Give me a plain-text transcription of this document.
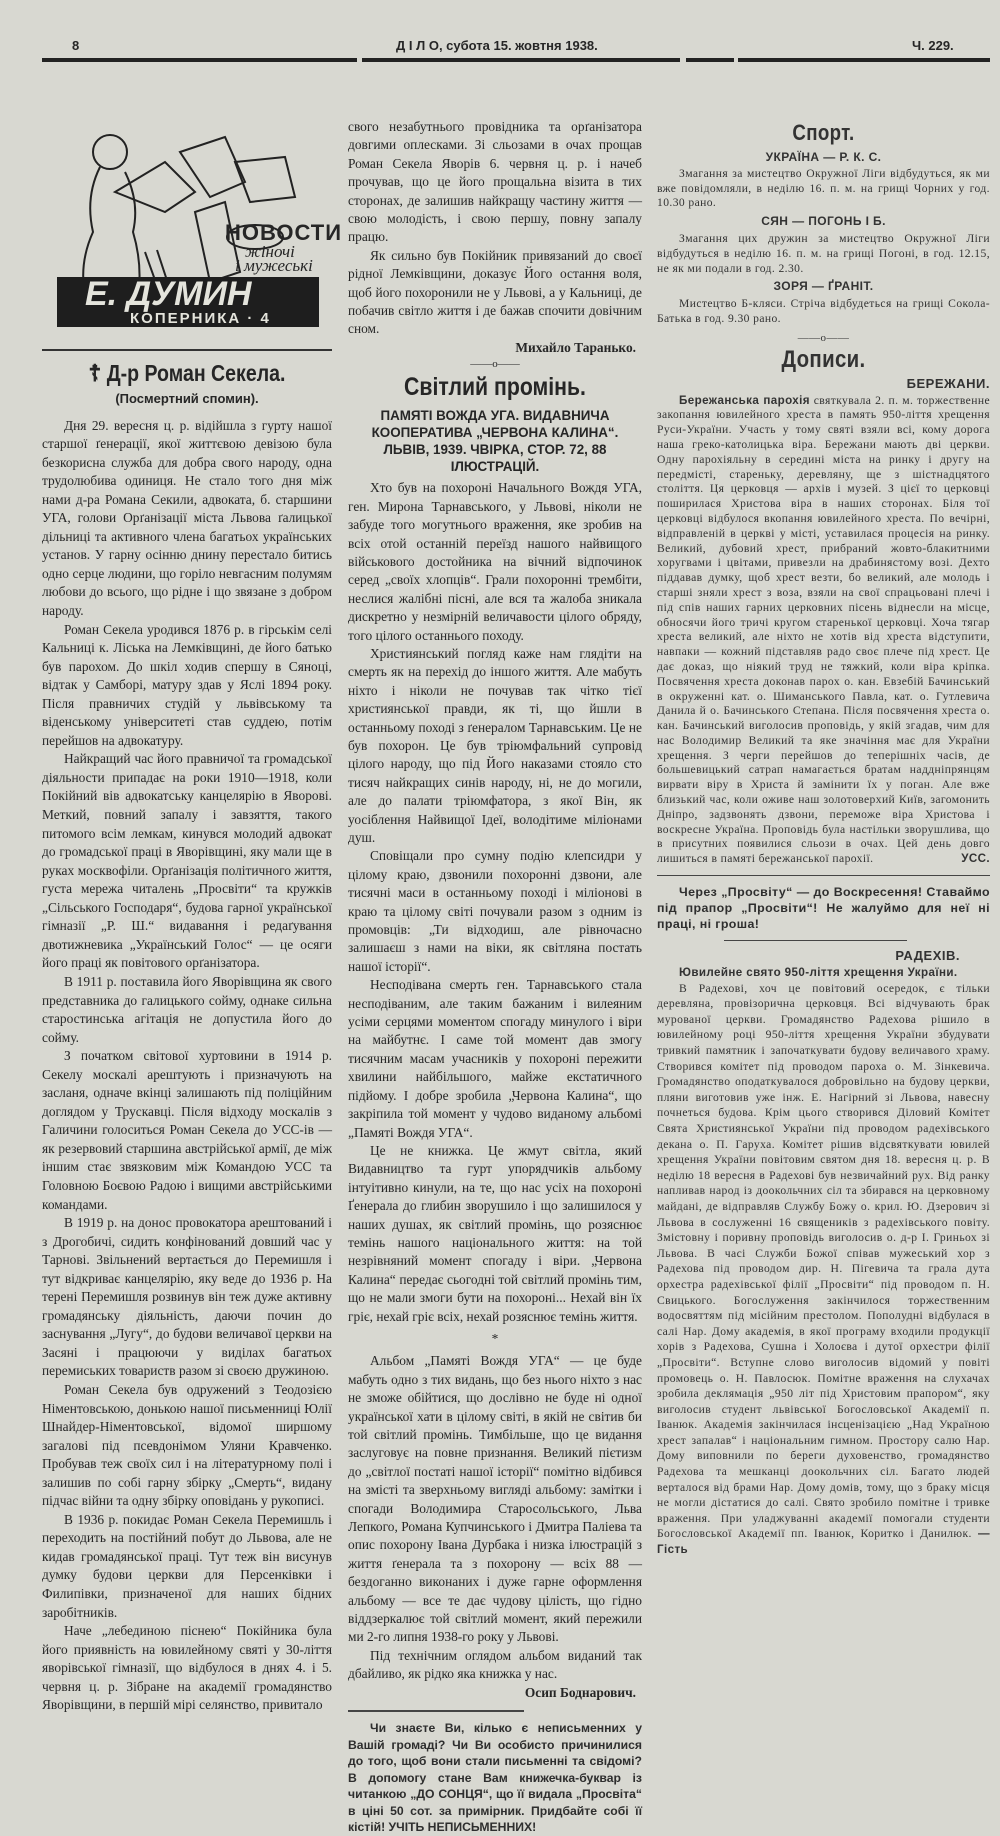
8	Д І Л О, субота 15. жовтня 1938.	Ч. 229.
НОВОСТИ
жіночі
і мужеські
Е. ДУМИН
КОПЕРНИКА · 4
☦ Д-р Роман Секела.

(Посмертний спомин).

Дня 29. вересня ц. р. відійшла з гурту нашої старшої ґенерації, якої життєвою девізою була безкорисна служба для добра свого народу, одна трудолюбива одиниця. Не стало того дня між нами д-ра Романа Секили, адвоката, б. старшини УГА, голови Орґанізації міста Львова ґалицької дільниці та активного члена багатьох українських установ. У гарну осінню днину перестало битись одно серце людини, що горіло невгасним полумям любови до всього, що рідне і що звязане з добром народу.

Роман Секела уродився 1876 р. в гірськім селі Кальниці к. Ліська на Лемківщині, де його батько був парохом. До шкіл ходив спершу в Сяноці, відтак у Самборі, матуру здав у Яслі 1894 року. Після правничих студій у львівському та віденському університеті став суддею, потім перейшов на адвокатуру.

Найкращий час його правничої та громадської діяльности припадає на роки 1910—1918, коли Покійний вів адвокатську канцелярію в Яворові. Меткий, повний запалу і завзяття, такого питомого всім лемкам, кинувся молодий адвокат до громадської праці в Яворівщині, яку мали ще в руках москвофіли. Орґанізація політичного життя, густа мережа читалень „Просвіти“ та кружків „Сільського Господаря“, будова гарної української гімназії „Р. Ш.“ видавання і редаґування двотижневика „Український Голос“ — це осяги його праці як повітового орґанізатора.

В 1911 р. поставила його Яворівщина як свого представника до галицького сойму, однаке сильна старостинська агітація не допустила його до сойму.

З початком світової хуртовини в 1914 р. Секелу москалі арештують і призначують на засланя, одначе вкінці залишають під поліційним доглядом у Трускавці. Після відходу москалів з Галичини голоситься Роман Секела до УСС-ів — як резервовий старшина австрійської армії, де між іншим стає звязковим між Командою УСС та Головною Боєвою Радою і вищими австрійськими командами.

В 1919 р. на донос провокатора арештований і з Дрогобичі, сидить конфінований довший час у Тарнові. Звільнений вертається до Перемишля і тут відкриває канцелярію, яку веде до 1936 р. На терені Перемишля розвинув він теж дуже активну громадянську діяльність, даючи почин до заснування „Лугу“, до будови величавої церкви на Засяні і працюючи у виділах багатьох перемиських товариств разом зі своєю дружиною.

Роман Секела був одружений з Теодозією Німентовською, донькою нашої письменниці Юлії Шнайдер-Німентовської, відомої ширшому загалові під псевдонімом Уляни Кравченко. Пробував теж своїх сил і на літературному полі і залишив по собі гарну збірку „Смерть“, видану підчас війни та одну збірку оповідань у рукописі.

В 1936 р. покидає Роман Секела Перемишль і переходить на постійний побут до Львова, але не кидав громадянської праці. Тут теж він висунув думку будови церкви для Персенківки і Филипівки, призначеної для наших бідних заробітників.

Наче „лебединою піснею“ Покійника була його приявність на ювилейному святі у 30-ліття яворівської гімназії, що відбулося в днях 4. і 5. червня ц. р. Зібране на академії громадянство Яворівщини, в першій мірі селянство, привитало

свого незабутнього провідника та орґанізатора довгими оплесками. Зі сльозами в очах прощав Роман Секела Яворів 6. червня ц. р. і начеб прочував, що це його прощальна візита в тих сторонах, де залишив найкращу частину життя — свою молодість, і свою першу, повну запалу працю.

Як сильно був Покійник привязаний до своєї рідної Лемківщини, доказує Його остання воля, щоб його похоронили не у Львові, а у Кальниці, де побачив світло життя і де бажав спочити довічним сном.

Михайло Таранько.

——o——
Світлий промінь.
ПАМЯТІ ВОЖДА УГА. ВИДАВНИЧА КООПЕРАТИВА „ЧЕРВОНА КАЛИНА“. ЛЬВІВ, 1939. ЧВІРКА, СТОР. 72, 88 ІЛЮСТРАЦІЙ.

Хто був на похороні Начального Вождя УГА, ген. Мирона Тарнавського, у Львові, ніколи не забуде того могутнього враження, яке зробив на всіх отой останній переїзд нашого найвищого військового достойника на вічний відпочинок серед „своїх хлопців“. Грали похоронні трембіти, неслися жалібні пісні, але вся та жалоба зникала дискретно у незмірній величавости цілого обряду, того цілого останнього походу.

Християнський погляд каже нам глядіти на смерть як на перехід до іншого життя. Але мабуть ніхто і ніколи не почував так чітко тієї християнської правди, як ті, що йшли в останньому поході з ґенералом Тарнавським. Це не був похорон. Це був тріюмфальний супровід цілого народу, що під Його наказами стояло сто тисяч найкращих синів народу, ні, не до могили, але до палати тріюмфатора, з якої Він, як уосіблення Найвищої Ідеї, володітиме міліонами душ.

Сповіщали про сумну подію клепсидри у цілому краю, дзвонили похоронні дзвони, але тисячні маси в останньому поході і міліонові в краю та цілому світі почували разом з одним із промовців: „Ти відходиш, але рівночасно залишаєш з нами на віки, як світляна постать нашої історії“.

Несподівана смерть ген. Тарнавського стала несподіваним, але таким бажаним і вилеяним усіми серцями моментом спогаду минулого і віри на майбутнє. І саме той момент дав змогу тисячним масам учасників у похороні пережити хвилини найбільшого, майже екстатичного підйому. І добре зробила „Червона Калина“, що закріпила той момент у чудово виданому альбомі „Памяті Вождя УГА“.

Це не книжка. Це жмут світла, який Видавництво та гурт упорядчиків альбому інтуітивно кинули, на те, що нас усіх на похороні Ґенерала до глибин зворушило і що залишилося у наших душах, як світлий промінь, що розяснює темінь нашого національного життя: на той незрівняний момент спогаду і віри. „Червона Калина“ передає сьогодні той світлий промінь тим, що не мали змоги бути на похороні... Нехай він їх гріє, нехай гріє всіх, нехай розяснює темінь життя.

*

Альбом „Памяті Вождя УГА“ — це буде мабуть одно з тих видань, що без нього ніхто з нас не зможе обійтися, що дослівно не буде ні одної української хати в цілому світі, в якій не світив би той світлий промінь. Тимбільше, що це видання заслуговує на повне признання. Великий пієтизм до „світлої постаті нашої історії“ помітно відбився на змісті та зверхньому вигляді альбому: замітки і спогади Володимира Старосольського, Льва Лепкого, Романа Купчинського і Дмитра Паліева та опис похорону Івана Дурбака і низка ілюстрацій з життя ґенерала та з похорону — всіх 88 — бездоганно виконаних і дуже гарне оформлення альбому — все те дає чудову цілість, що гідно віддзеркалює той світлий момент, який пережили ми 2-го липня 1938-го року у Львові.

Під технічним оглядом альбом виданий так дбайливо, як рідко яка книжка у нас.

Осип Боднарович.

Чи знаєте Ви, кілько є неписьменних у Вашій громаді? Чи Ви особисто причинилися до того, щоб вони стали письменні та свідомі? В допомогу стане Вам книжечка-буквар із читанкою „ДО СОНЦЯ“, що її видала „Просвіта“ в ціні 50 сот. за примірник. Придбайте собі її кістій! УЧІТЬ НЕПИСЬМЕННИХ!

Спорт.
УКРАЇНА — Р. К. С.

Змагання за мистецтво Окружної Ліги відбудуться, як ми вже повідомляли, в неділю 16. п. м. на грищі Чорних у год. 10.30 рано.

СЯН — ПОГОНЬ І Б.

Змагання цих дружин за мистецтво Окружної Ліги відбудуться в неділю 16. п. м. на грищі Погоні, в год. 12.15, не як ми подали в год. 2.30.

ЗОРЯ — ҐРАНІТ.

Мистецтво Б-кляси. Стріча відбудеться на грищі Сокола-Батька в год. 9.30 рано.

——o——
Дописи.
БЕРЕЖАНИ.

Бережанська парохія святкувала 2. п. м. торжественне закопання ювилейного хреста в память 950-ліття хрещення Руси-України. Участь у тому святі взяли всі, кому дорога наша греко-католицька віра. Бережани мають дві церкви. Одну парохіяльну в середині міста на ринку і другу на передмісті, стареньку, деревляну, ще з шістнадцятого століття. Ця церковця — архів і музей. З цієї то церковці поширилася Христова віра в наших сторонах. Біля тої церковці відбулося вкопання ювилейного хреста. По вечірні, відправленій в церкві у місті, уставилася процесія на ринку. Великий, дубовий хрест, прибраний жовто-блакитними хоругвами і цвітами, привезли на драбинястому возі. Дехто піддавав думку, щоб хрест везти, бо великий, але молодь і старші зняли хрест з воза, взяли на свої спрацьовані плечі і під спів наших гарних церковних пісень віднесли на місце, обносячи його тричі кругом старенької церковці. Хоча тягар хреста великий, але ніхто не хотів від хреста відступити, навпаки — кожний підставляв радо своє плече під хрест. Це дає доказ, що ніякий труд не тяжкий, коли віра кріпка. Посвячення хреста доконав парох о. кан. Евзебій Бачинський в окруженні кат. о. Шиманського Павла, кат. о. Гутлевича Данила й о. Бачинського Степана. Після посвячення хреста о. кан. Бачинський виголосив проповідь, у якій згадав, чим для нас Володимир Великий та яке значіння має для України хрещення. З черги перейшов до теперішніх часів, де большевицький сатрап намагається братам наддніпрянцям вирвати віру в Христа й замінити їх у поган. Але вже близький час, коли оживе наш золотоверхий Київ, загомонить Дніпро, задзвонять дзвони, переможе віра Христова і воскресне Україна. Проповідь була настільки зворушлива, що в присутних появилися сльози в очах. Цей день довго лишиться в памяті бережанської парохії.	УСС.

Через „Просвіту“ — до Воскресення! Ставаймо під прапор „Просвіти“! Не жалуймо для неї ні праці, ні гроша!

РАДЕХІВ.

Ювилейне свято 950-ліття хрещення України.

В Радехові, хоч це повітовий осередок, є тільки деревляна, провізорична церковця. Всі відчувають брак мурованої церкви. Громадянство Радехова рішило в ювилейному році 950-ліття хрещення України збудувати тривкий памятник і започаткувати будову величавого храму. Створився комітет під проводом пароха о. М. Зінкевича. Громадянство оподаткувалося добровільно на будову церкви, пляни виготовив уже інж. Е. Нагірний зі Львова, навесну почнеться будова. Крім цього створився Діловий Комітет Свята Християнської України під проводом радехівського декана о. П. Гаруха. Комітет рішив відсвяткувати ювилей хрещення України повітовим святом дня 18. вересня ц. р. В неділю 18 вересня в Радехові був незвичайний рух. Від ранку напливав народ із доокольчних сіл та збирався на церковному майдані, де відправляв Службу Божу о. крил. Ю. Дзерович зі Львова в сослуженні 16 священиків з радехівського повіту. Змістовну і поривну проповідь виголосив о. д-р І. Гриньох зі Львова. В часі Служби Божої співав мужеський хор з Радехова під проводом дир. Н. Пігевича та грала дута орхестра радехівської філії „Просвіти“ під проводом п. Н. Свицького. Богослуження закінчилося торжественним водосвяттям під місійним престолом. Пополудні відбулася в салі Нар. Дому академія, в якої програму входили продукції хорів з Радехова, Сушна і Холоєва і дутої орхестри філії „Просвіти“. Вступне слово виголосив відомий у повіті промовець о. Н. Павлосюк. Помітне враження на слухачах зробила деклямація „950 літ під Христовим прапором“, яку виголосив студент львівської Богословської Академії п. Іванюк. Академія закінчилася інсценізацією „Над Україною хрест запалав“ і національним гимном. Простору салю Нар. Дому виповнили по береги духовенство, громадянство Радехова та мешканці доокольчних сіл. Багато людей верталося від брами Нар. Дому домів, тому, що з браку місця не могли дістатися до салі. Свято зробило помітне і тривке враження. При уладжуванні академії помогали студенти Богословської Академії пп. Іванюк, Коритко і Данилюк. — Гість
